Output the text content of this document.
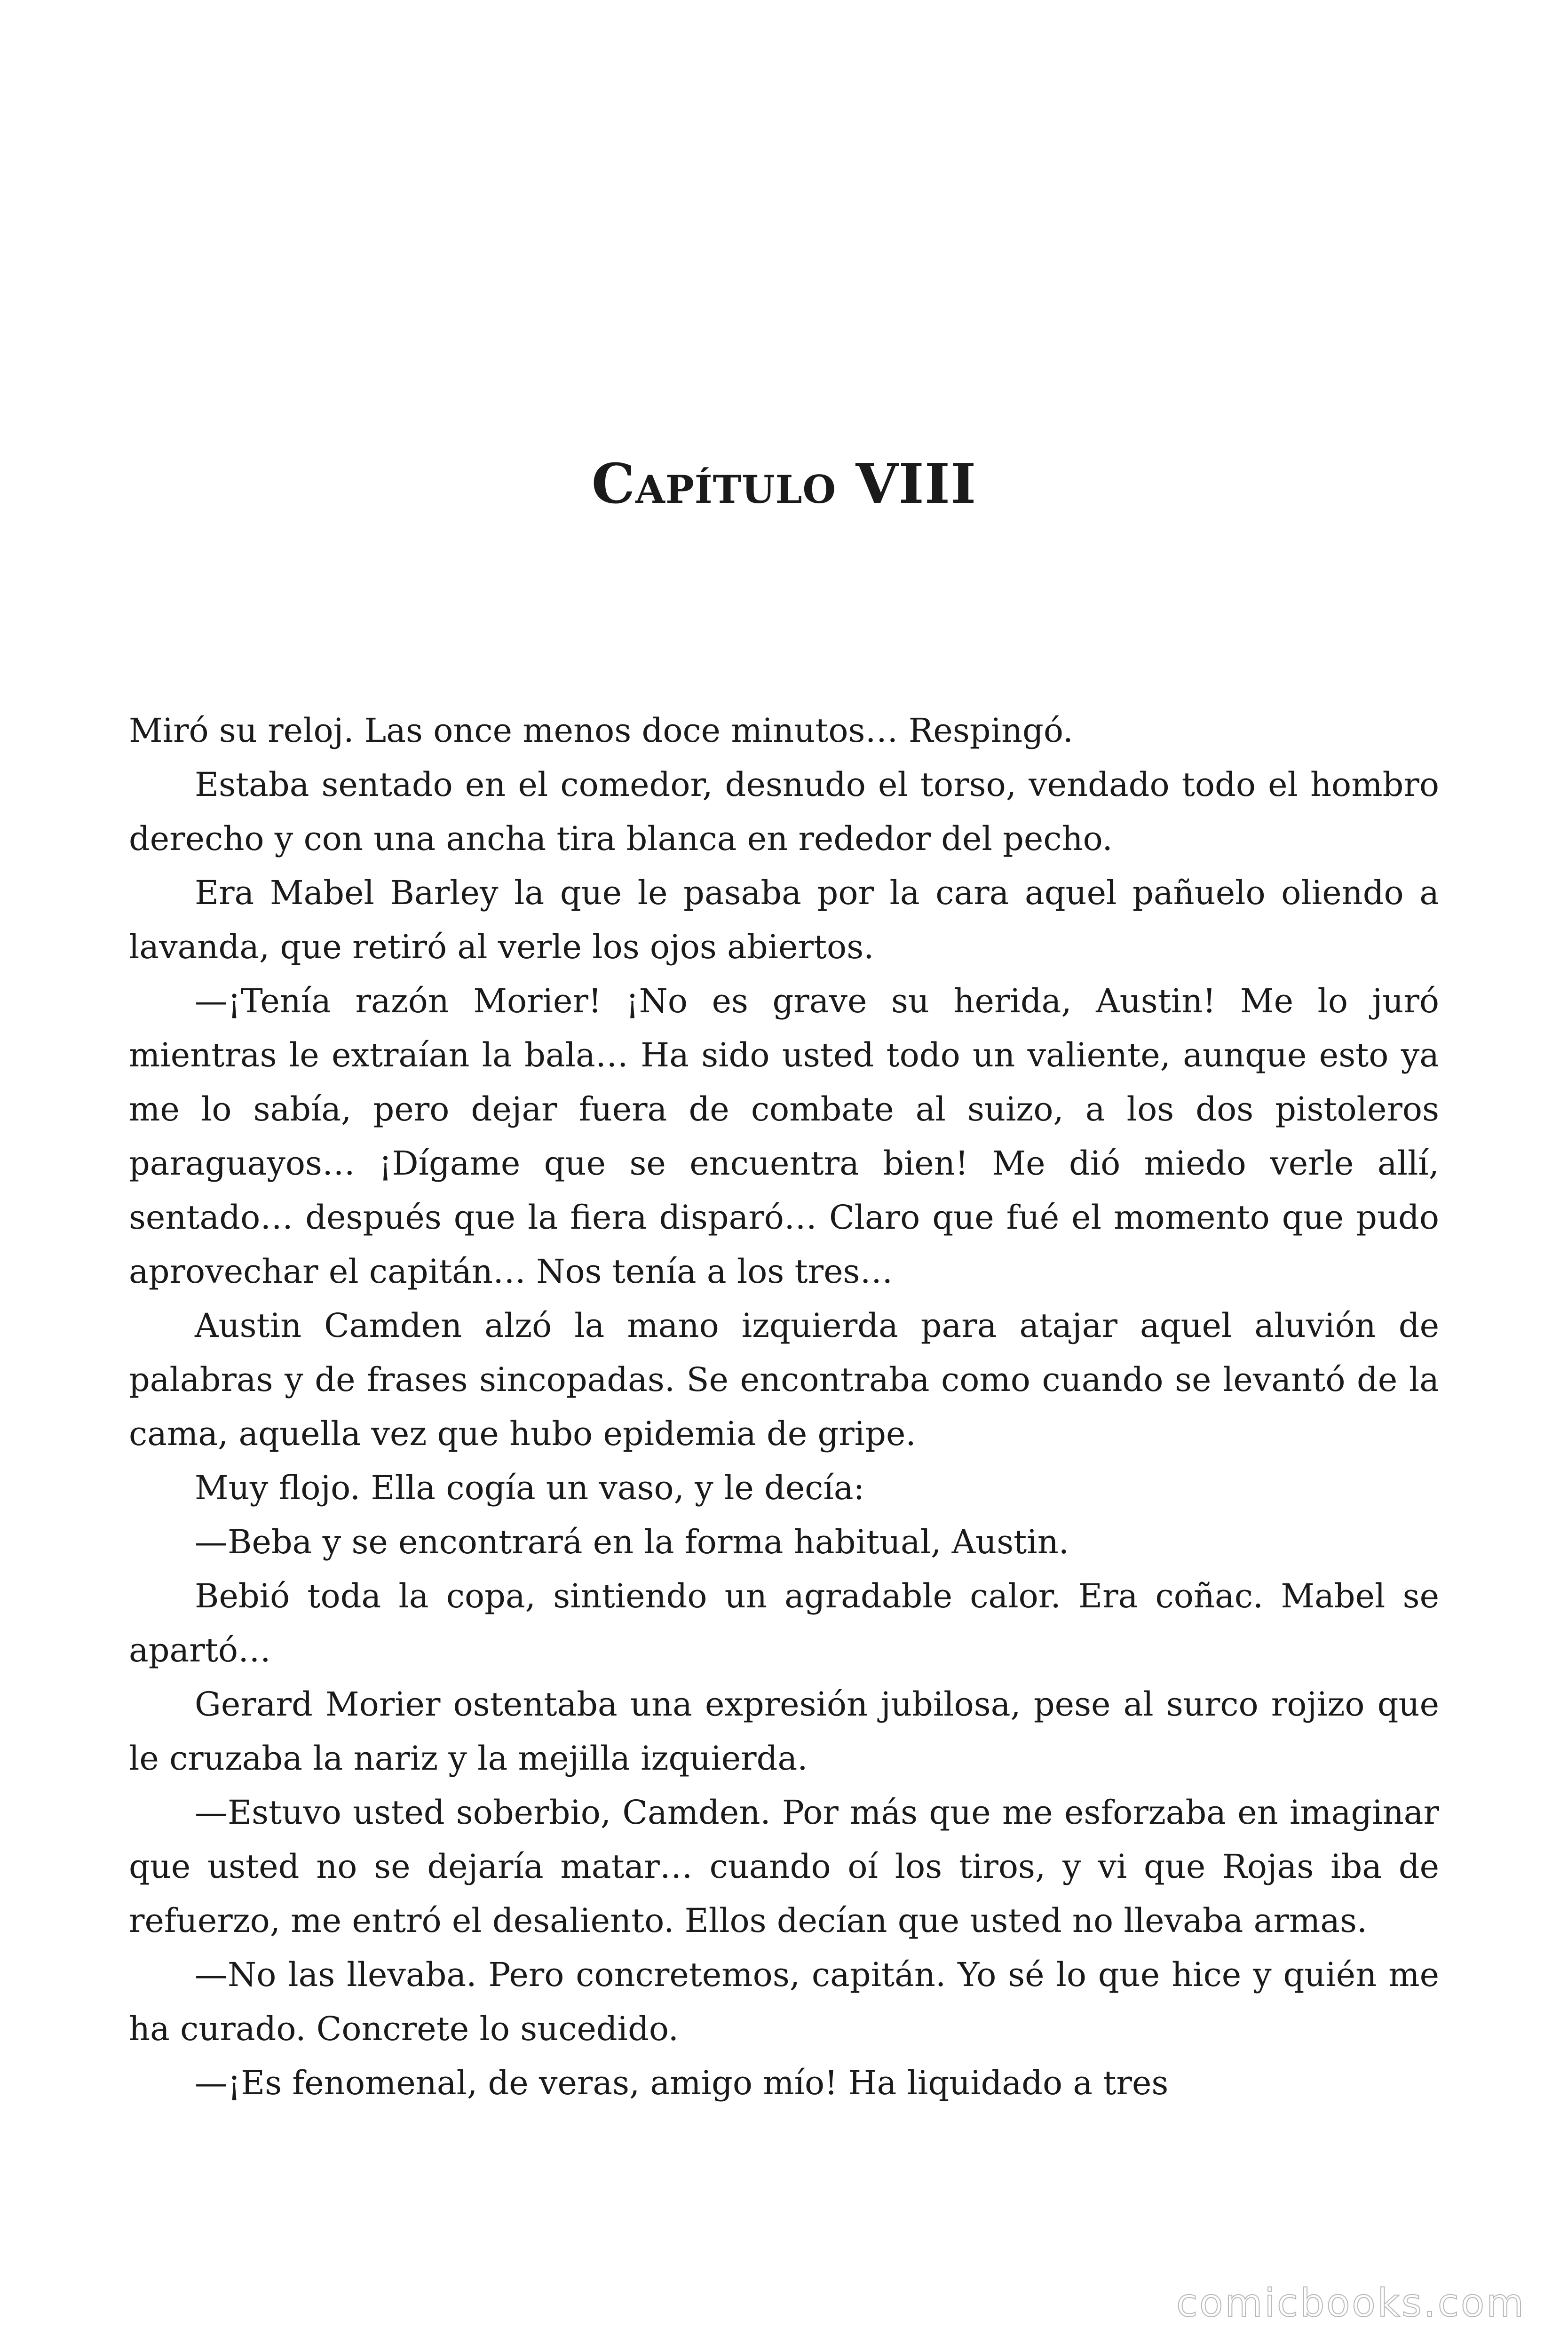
Capítulo VIII

Miró su reloj. Las once menos doce minutos… Respingó.

Estaba sentado en el comedor, desnudo el torso, vendado todo el hombro derecho y con una ancha tira blanca en rededor del pecho.

Era Mabel Barley la que le pasaba por la cara aquel pañuelo oliendo a lavanda, que retiró al verle los ojos abiertos.

—¡Tenía razón Morier! ¡No es grave su herida, Austin! Me lo juró mientras le extraían la bala… Ha sido usted todo un valiente, aunque esto ya me lo sabía, pero dejar fuera de combate al suizo, a los dos pistoleros paraguayos… ¡Dígame que se encuentra bien! Me dió miedo verle allí, sentado… después que la fiera disparó… Claro que fué el momento que pudo aprovechar el capitán… Nos tenía a los tres…

Austin Camden alzó la mano izquierda para atajar aquel aluvión de palabras y de frases sincopadas. Se encontraba como cuando se levantó de la cama, aquella vez que hubo epidemia de gripe.

Muy flojo. Ella cogía un vaso, y le decía:

—Beba y se encontrará en la forma habitual, Austin.

Bebió toda la copa, sintiendo un agradable calor. Era coñac. Mabel se apartó…

Gerard Morier ostentaba una expresión jubilosa, pese al surco rojizo que le cruzaba la nariz y la mejilla izquierda.

—Estuvo usted soberbio, Camden. Por más que me esforzaba en imaginar que usted no se dejaría matar… cuando oí los tiros, y vi que Rojas iba de refuerzo, me entró el desaliento. Ellos decían que usted no llevaba armas.

—No las llevaba. Pero concretemos, capitán. Yo sé lo que hice y quién me ha curado. Concrete lo sucedido.

—¡Es fenomenal, de veras, amigo mío! Ha liquidado a tres

comicbooks.com
